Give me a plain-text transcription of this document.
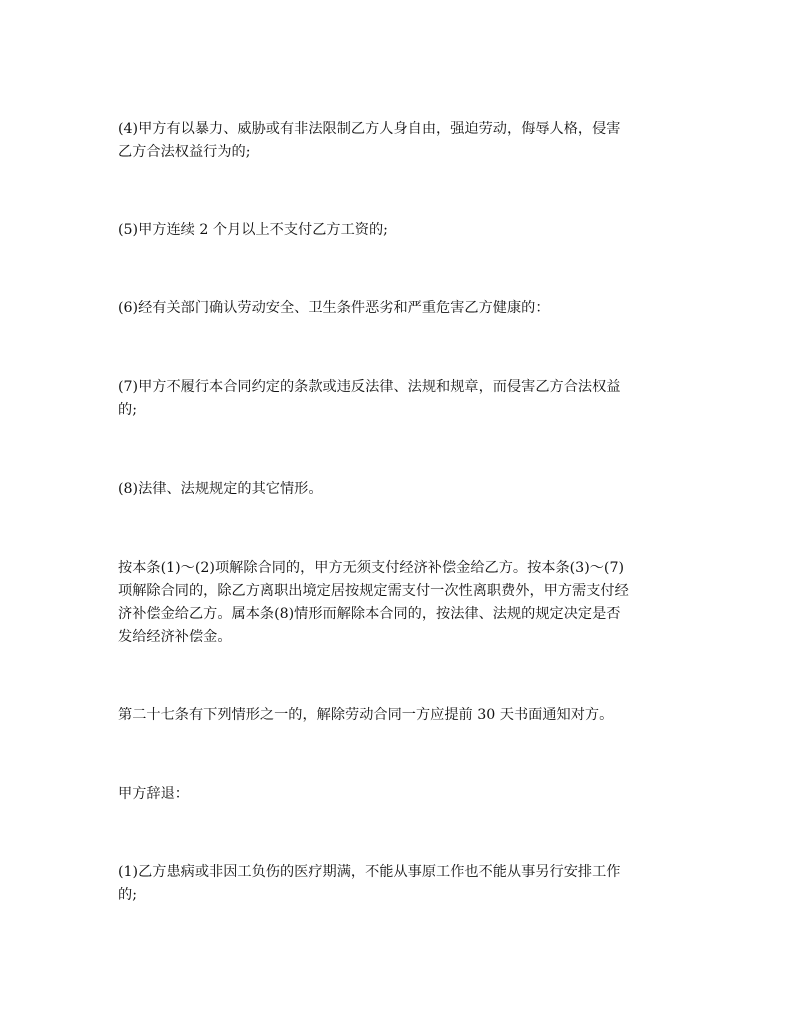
(4)甲方有以暴力、威胁或有非法限制乙方人身自由，强迫劳动，侮辱人格，侵害
乙方合法权益行为的;

(5)甲方连续 2 个月以上不支付乙方工资的;

(6)经有关部门确认劳动安全、卫生条件恶劣和严重危害乙方健康的：

(7)甲方不履行本合同约定的条款或违反法律、法规和规章，而侵害乙方合法权益
的;

(8)法律、法规规定的其它情形。

按本条(1)～(2)项解除合同的，甲方无须支付经济补偿金给乙方。按本条(3)～(7)
项解除合同的，除乙方离职出境定居按规定需支付一次性离职费外，甲方需支付经
济补偿金给乙方。属本条(8)情形而解除本合同的，按法律、法规的规定决定是否
发给经济补偿金。

第二十七条有下列情形之一的，解除劳动合同一方应提前 30 天书面通知对方。

甲方辞退：

(1)乙方患病或非因工负伤的医疗期满，不能从事原工作也不能从事另行安排工作
的;
